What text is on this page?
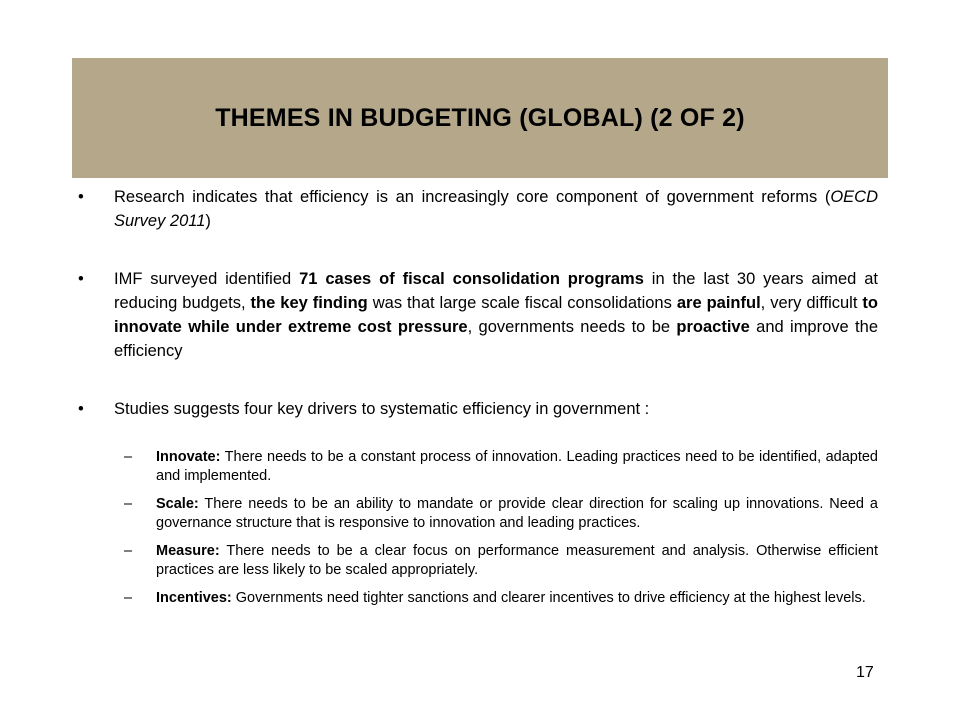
THEMES IN BUDGETING (GLOBAL) (2 OF 2)
• Research indicates that efficiency is an increasingly core component of government reforms (OECD Survey 2011)
• IMF surveyed identified 71 cases of fiscal consolidation programs in the last 30 years aimed at reducing budgets, the key finding was that large scale fiscal consolidations are painful, very difficult to innovate while under extreme cost pressure, governments needs to be proactive and improve the efficiency
• Studies suggests four key drivers to systematic efficiency in government :
– Innovate: There needs to be a constant process of innovation. Leading practices need to be identified, adapted and implemented.
– Scale: There needs to be an ability to mandate or provide clear direction for scaling up innovations. Need a governance structure that is responsive to innovation and leading practices.
– Measure: There needs to be a clear focus on performance measurement and analysis. Otherwise efficient practices are less likely to be scaled appropriately.
– Incentives: Governments need tighter sanctions and clearer incentives to drive efficiency at the highest levels.
17
